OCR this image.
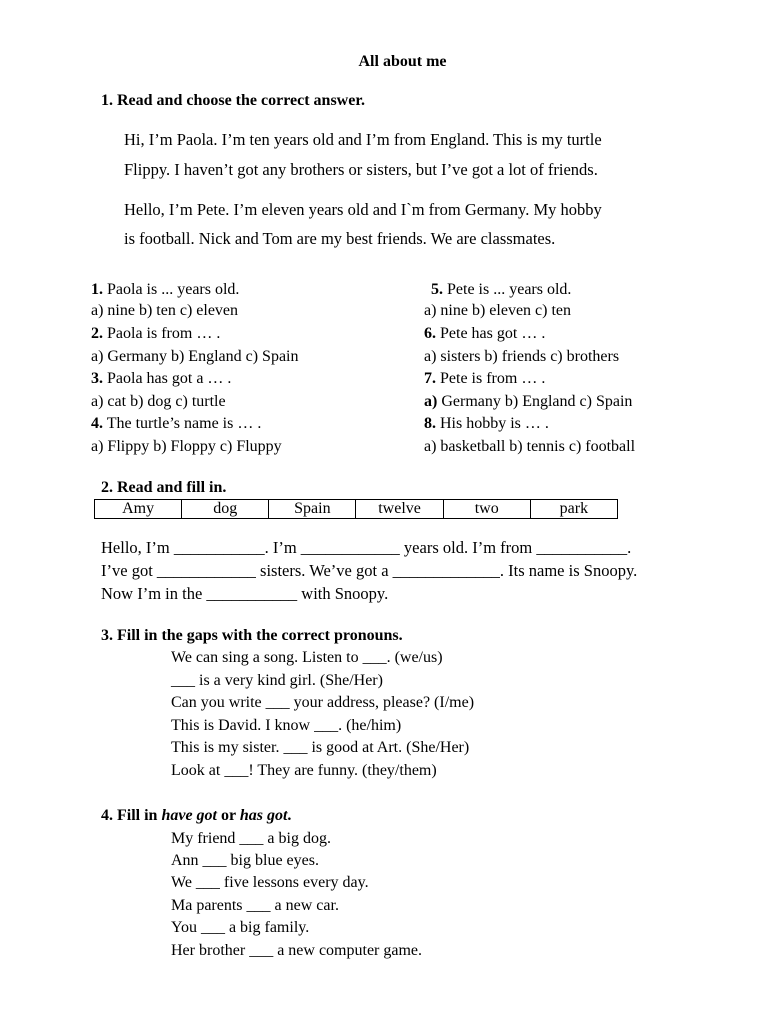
All about me
1. Read and choose the correct answer.
Hi, I’m Paola. I’m ten years old and I’m from England. This is my turtle
Flippy. I haven’t got any brothers or sisters, but I’ve got a lot of friends.
Hello, I’m Pete. I’m eleven years old and I`m from Germany. My hobby
is football. Nick and Tom are my best friends. We are classmates.
1. Paola is ... years old.
a) nine b) ten c) eleven
2. Paola is from … .
a) Germany b) England c) Spain
3. Paola has got a … .
a) cat b) dog c) turtle
4. The turtle’s name is … .
a) Flippy b) Floppy c) Fluppy
5. Pete is ... years old.
a) nine b) eleven c) ten
6. Pete has got … .
a) sisters b) friends c) brothers
7. Pete is from … .
a) Germany b) England c) Spain
8. His hobby is … .
a) basketball b) tennis c) football
2. Read and fill in.
Amy	dog	Spain	twelve	two	park
Hello, I’m ___________. I’m ____________ years old. I’m from ___________.
I’ve got ____________ sisters. We’ve got a _____________. Its name is Snoopy.
Now I’m in the ___________ with Snoopy.
3. Fill in the gaps with the correct pronouns.
We can sing a song. Listen to ___. (we/us)
___ is a very kind girl. (She/Her)
Can you write ___ your address, please? (I/me)
This is David. I know ___. (he/him)
This is my sister. ___ is good at Art. (She/Her)
Look at ___! They are funny. (they/them)
4. Fill in have got or has got.
My friend ___ a big dog.
Ann ___ big blue eyes.
We ___ five lessons every day.
Ma parents ___ a new car.
You ___ a big family.
Her brother ___ a new computer game.
